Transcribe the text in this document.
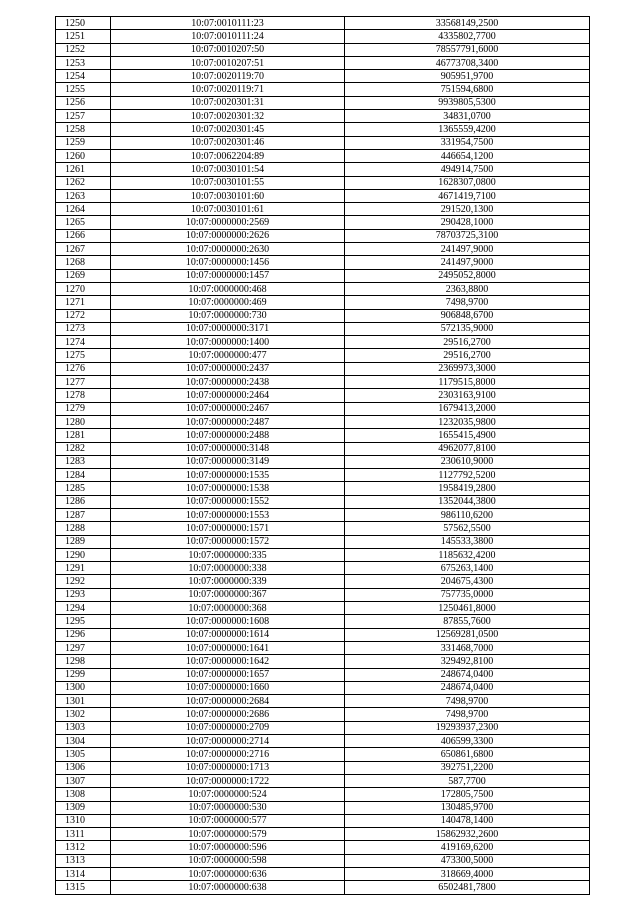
1250	10:07:0010111:23	33568149,2500
1251	10:07:0010111:24	4335802,7700
1252	10:07:0010207:50	78557791,6000
1253	10:07:0010207:51	46773708,3400
1254	10:07:0020119:70	905951,9700
1255	10:07:0020119:71	751594,6800
1256	10:07:0020301:31	9939805,5300
1257	10:07:0020301:32	34831,0700
1258	10:07:0020301:45	1365559,4200
1259	10:07:0020301:46	331954,7500
1260	10:07:0062204:89	446654,1200
1261	10:07:0030101:54	494914,7500
1262	10:07:0030101:55	1628307,0800
1263	10:07:0030101:60	4671419,7100
1264	10:07:0030101:61	291520,1300
1265	10:07:0000000:2569	290428,1000
1266	10:07:0000000:2626	78703725,3100
1267	10:07:0000000:2630	241497,9000
1268	10:07:0000000:1456	241497,9000
1269	10:07:0000000:1457	2495052,8000
1270	10:07:0000000:468	2363,8800
1271	10:07:0000000:469	7498,9700
1272	10:07:0000000:730	906848,6700
1273	10:07:0000000:3171	572135,9000
1274	10:07:0000000:1400	29516,2700
1275	10:07:0000000:477	29516,2700
1276	10:07:0000000:2437	2369973,3000
1277	10:07:0000000:2438	1179515,8000
1278	10:07:0000000:2464	2303163,9100
1279	10:07:0000000:2467	1679413,2000
1280	10:07:0000000:2487	1232035,9800
1281	10:07:0000000:2488	1655415,4900
1282	10:07:0000000:3148	4962077,8100
1283	10:07:0000000:3149	230610,9000
1284	10:07:0000000:1535	1127792,5200
1285	10:07:0000000:1538	1958419,2800
1286	10:07:0000000:1552	1352044,3800
1287	10:07:0000000:1553	986110,6200
1288	10:07:0000000:1571	57562,5500
1289	10:07:0000000:1572	145533,3800
1290	10:07:0000000:335	1185632,4200
1291	10:07:0000000:338	675263,1400
1292	10:07:0000000:339	204675,4300
1293	10:07:0000000:367	757735,0000
1294	10:07:0000000:368	1250461,8000
1295	10:07:0000000:1608	87855,7600
1296	10:07:0000000:1614	12569281,0500
1297	10:07:0000000:1641	331468,7000
1298	10:07:0000000:1642	329492,8100
1299	10:07:0000000:1657	248674,0400
1300	10:07:0000000:1660	248674,0400
1301	10:07:0000000:2684	7498,9700
1302	10:07:0000000:2686	7498,9700
1303	10:07:0000000:2709	19293937,2300
1304	10:07:0000000:2714	406599,3300
1305	10:07:0000000:2716	650861,6800
1306	10:07:0000000:1713	392751,2200
1307	10:07:0000000:1722	587,7700
1308	10:07:0000000:524	172805,7500
1309	10:07:0000000:530	130485,9700
1310	10:07:0000000:577	140478,1400
1311	10:07:0000000:579	15862932,2600
1312	10:07:0000000:596	419169,6200
1313	10:07:0000000:598	473300,5000
1314	10:07:0000000:636	318669,4000
1315	10:07:0000000:638	6502481,7800
